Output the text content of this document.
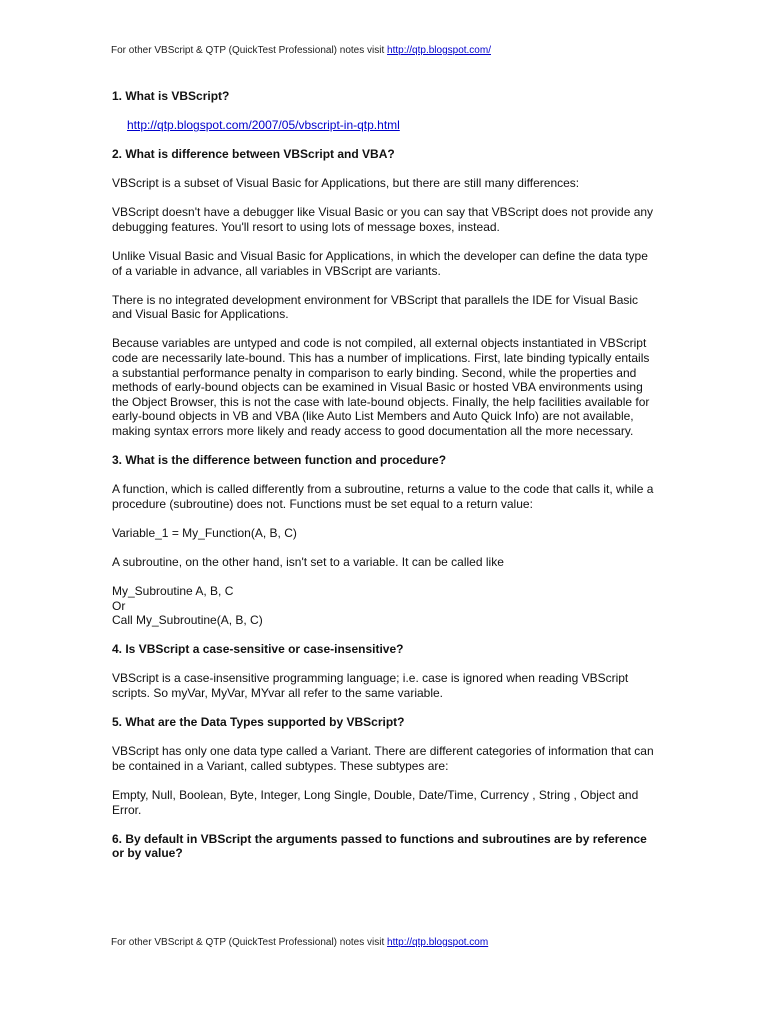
For other VBScript & QTP (QuickTest Professional) notes visit http://qtp.blogspot.com/
1. What is VBScript?

http://qtp.blogspot.com/2007/05/vbscript-in-qtp.html

2. What is difference between VBScript and VBA?

VBScript is a subset of Visual Basic for Applications, but there are still many differences:

VBScript doesn't have a debugger like Visual Basic or you can say that VBScript does not provide any debugging features. You'll resort to using lots of message boxes, instead.

Unlike Visual Basic and Visual Basic for Applications, in which the developer can define the data type of a variable in advance, all variables in VBScript are variants.

There is no integrated development environment for VBScript that parallels the IDE for Visual Basic and Visual Basic for Applications.

Because variables are untyped and code is not compiled, all external objects instantiated in VBScript code are necessarily late-bound. This has a number of implications. First, late binding typically entails a substantial performance penalty in comparison to early binding. Second, while the properties and methods of early-bound objects can be examined in Visual Basic or hosted VBA environments using the Object Browser, this is not the case with late-bound objects. Finally, the help facilities available for early-bound objects in VB and VBA (like Auto List Members and Auto Quick Info) are not available, making syntax errors more likely and ready access to good documentation all the more necessary.

3. What is the difference between function and procedure?

A function, which is called differently from a subroutine, returns a value to the code that calls it, while a procedure (subroutine) does not. Functions must be set equal to a return value:

Variable_1 = My_Function(A, B, C)

A subroutine, on the other hand, isn't set to a variable. It can be called like

My_Subroutine A, B, C
Or
Call My_Subroutine(A, B, C)
4. Is VBScript a case-sensitive or case-insensitive?

VBScript is a case-insensitive programming language; i.e. case is ignored when reading VBScript scripts. So myVar, MyVar, MYvar all refer to the same variable.

5. What are the Data Types supported by VBScript?

VBScript has only one data type called a Variant. There are different categories of information that can be contained in a Variant, called subtypes. These subtypes are:

Empty, Null, Boolean, Byte, Integer, Long Single, Double, Date/Time, Currency , String , Object and Error.

6. By default in VBScript the arguments passed to functions and subroutines are by reference or by value?
For other VBScript & QTP (QuickTest Professional) notes visit http://qtp.blogspot.com
